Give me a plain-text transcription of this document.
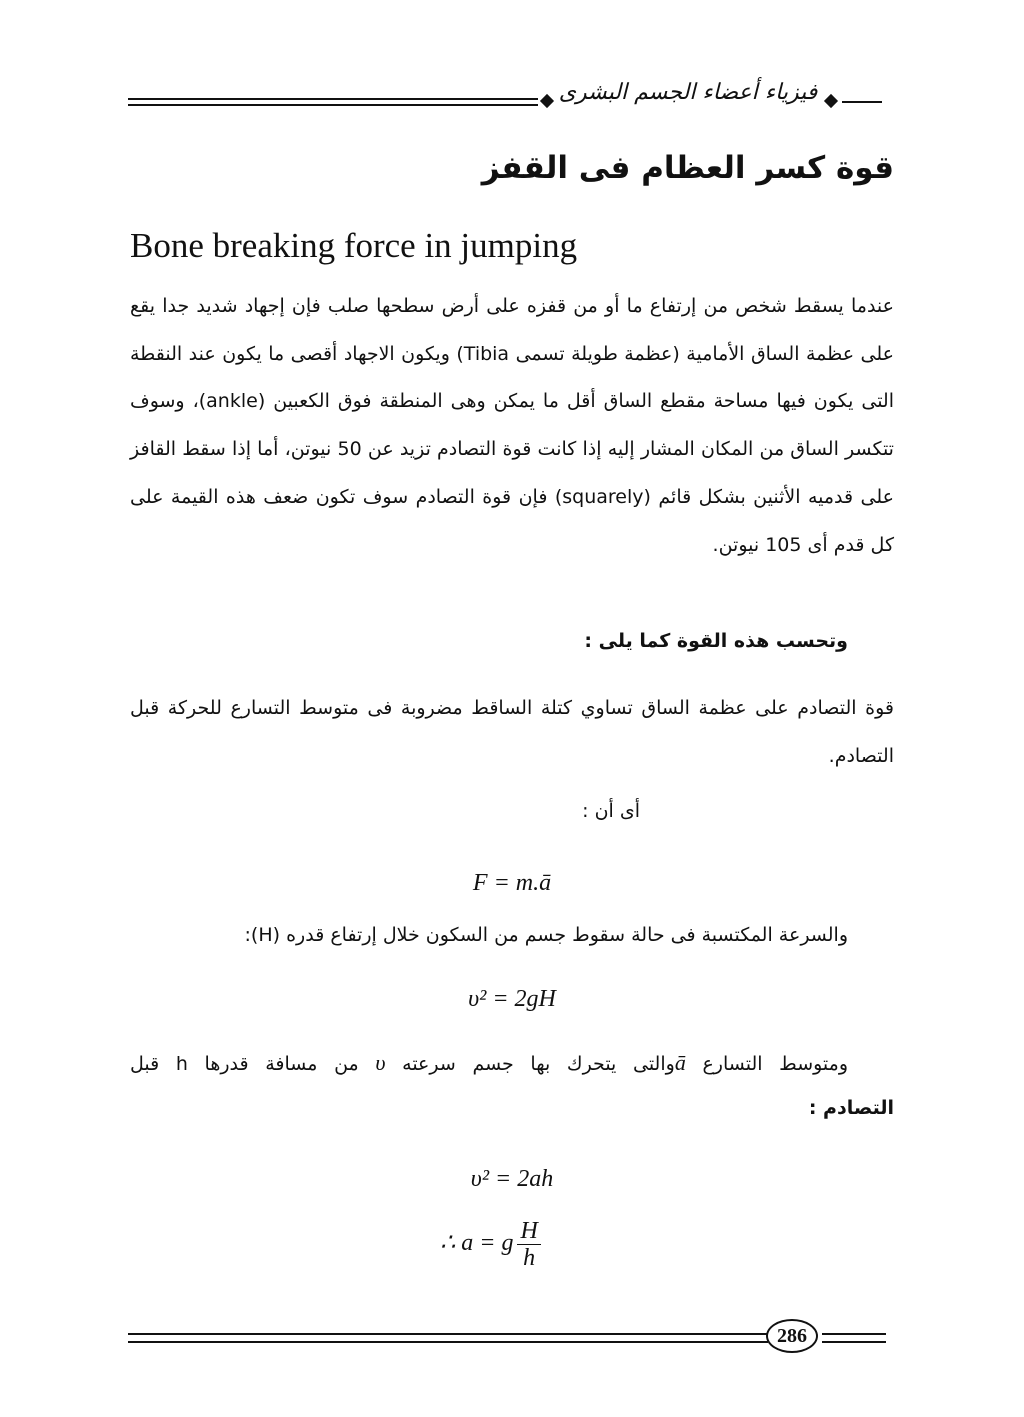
فيزياء أعضاء الجسم البشرى
قوة كسر العظام فى القفز
Bone breaking force in jumping
عندما يسقط شخص من إرتفاع ما أو من قفزه على أرض سطحها صلب فإن إجهاد شديد جدا يقع على عظمة الساق الأمامية (عظمة طويلة تسمى Tibia) ويكون الاجهاد أقصى ما يكون عند النقطة التى يكون فيها مساحة مقطع الساق أقل ما يمكن وهى المنطقة فوق الكعبين (ankle)، وسوف تتكسر الساق من المكان المشار إليه إذا كانت قوة التصادم تزيد عن 50 نيوتن، أما إذا سقط القافز على قدميه الأثنين بشكل قائم (squarely) فإن قوة التصادم سوف تكون ضعف هذه القيمة على كل قدم أى 105 نيوتن.
وتحسب هذه القوة كما يلى :
قوة التصادم على عظمة الساق تساوي كتلة الساقط مضروبة فى متوسط التسارع للحركة قبل التصادم.
أى أن :
F = m.ā
والسرعة المكتسبة فى حالة سقوط جسم من السكون خلال إرتفاع قدره (H):
υ² = 2gH
ومتوسط التسارع āوالتى يتحرك بها جسم سرعته υ من مسافة قدرها h قبل
التصادم :
υ² = 2ah
∴ a = g $\frac{H}{h}$
286
